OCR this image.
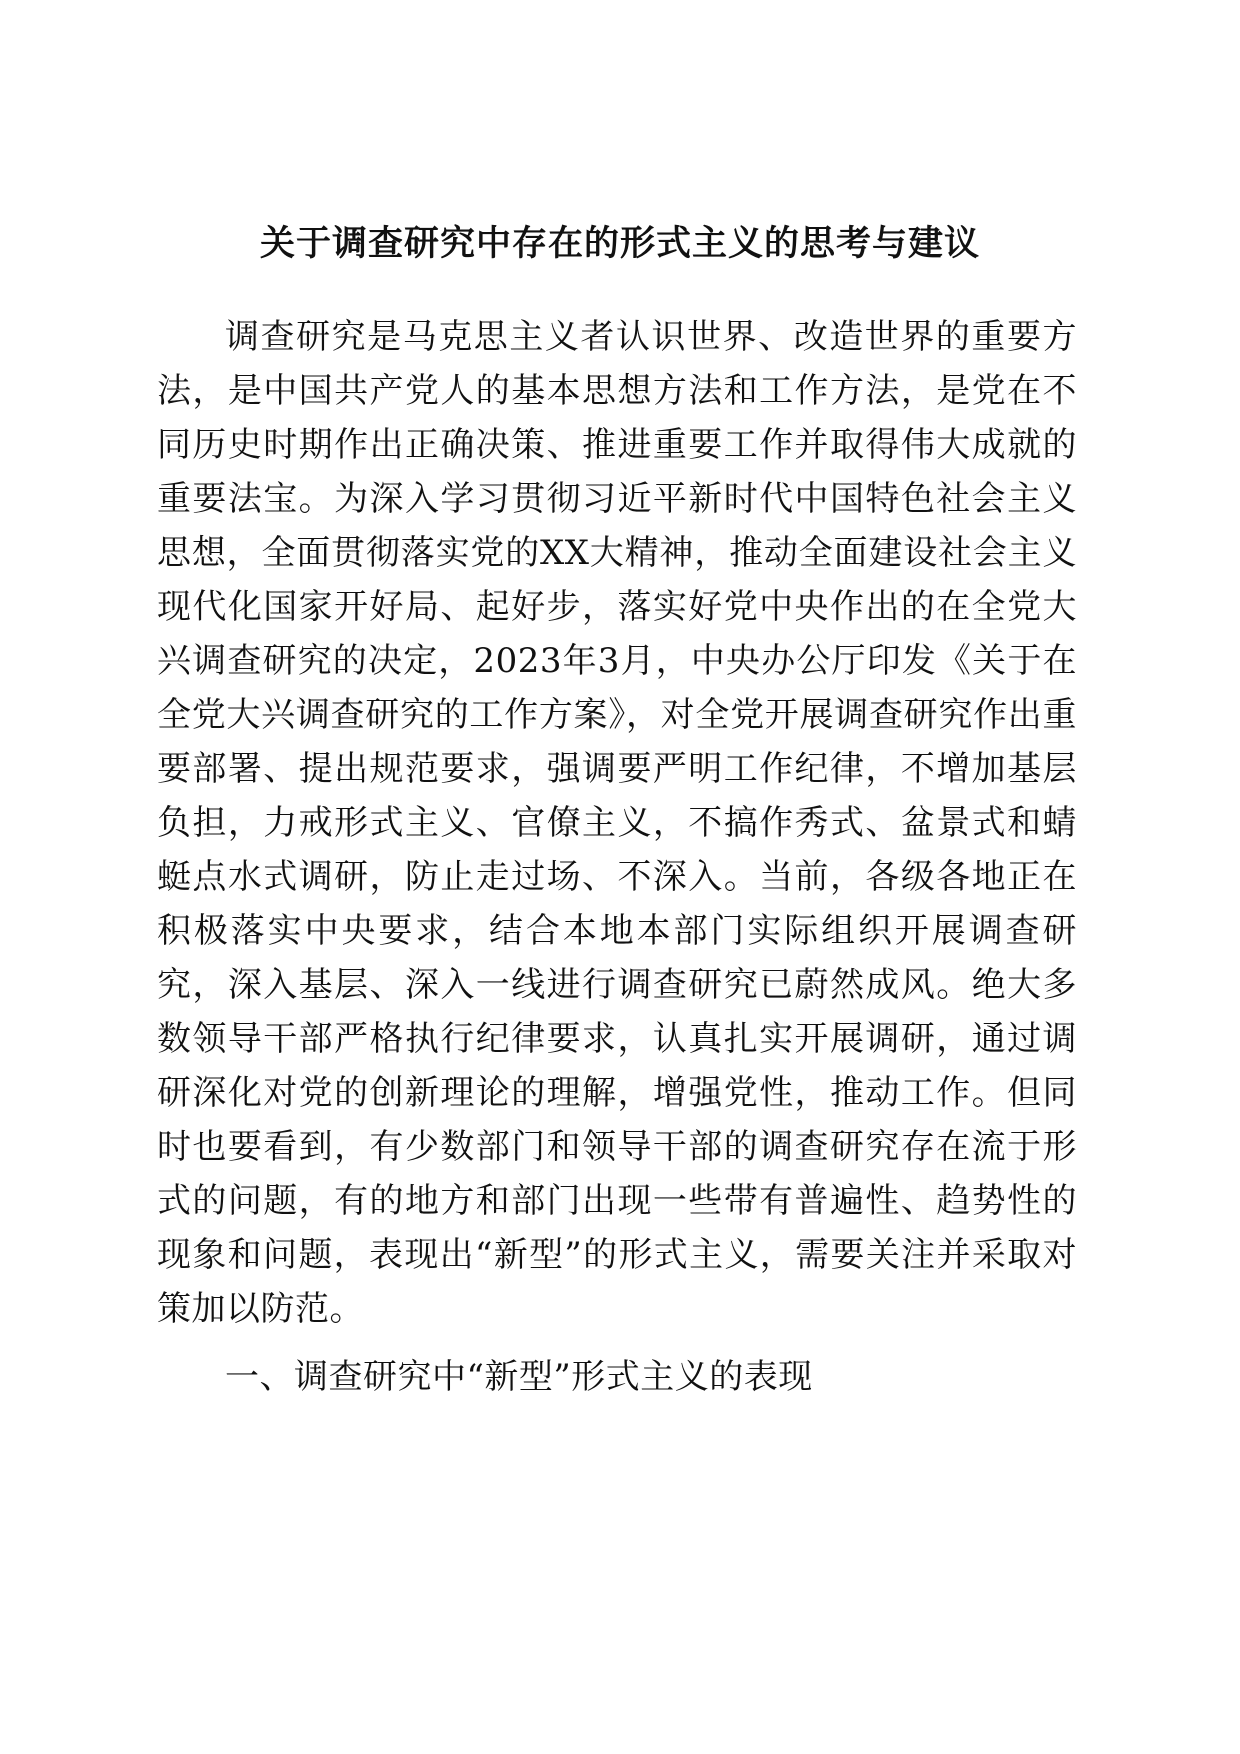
关于调查研究中存在的形式主义的思考与建议

调查研究是马克思主义者认识世界、改造世界的重要方法，是中国共产党人的基本思想方法和工作方法，是党在不同历史时期作出正确决策、推进重要工作并取得伟大成就的重要法宝。为深入学习贯彻习近平新时代中国特色社会主义思想，全面贯彻落实党的XX大精神，推动全面建设社会主义现代化国家开好局、起好步，落实好党中央作出的在全党大兴调查研究的决定，2023年3月，中央办公厅印发《关于在全党大兴调查研究的工作方案》，对全党开展调查研究作出重要部署、提出规范要求，强调要严明工作纪律，不增加基层负担，力戒形式主义、官僚主义，不搞作秀式、盆景式和蜻蜓点水式调研，防止走过场、不深入。当前，各级各地正在积极落实中央要求，结合本地本部门实际组织开展调查研究，深入基层、深入一线进行调查研究已蔚然成风。绝大多数领导干部严格执行纪律要求，认真扎实开展调研，通过调研深化对党的创新理论的理解，增强党性，推动工作。但同时也要看到，有少数部门和领导干部的调查研究存在流于形式的问题，有的地方和部门出现一些带有普遍性、趋势性的现象和问题，表现出“新型”的形式主义，需要关注并采取对策加以防范。

一、调查研究中“新型”形式主义的表现
